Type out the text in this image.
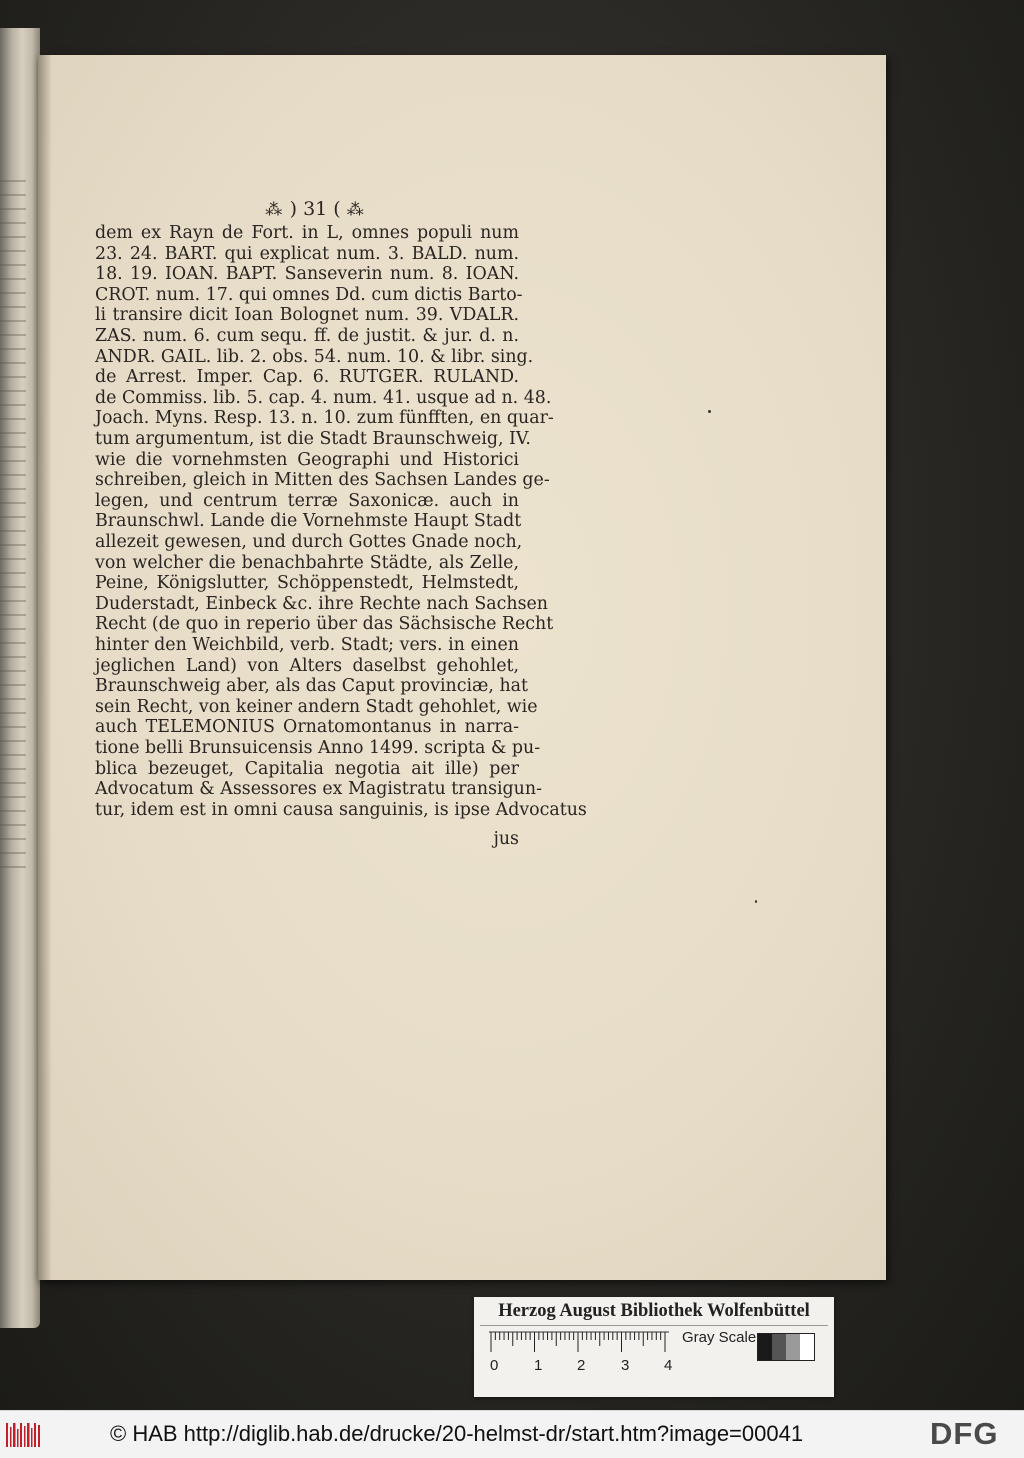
⁂ ) 31 ( ⁂
dem ex Rayn de Fort. in L, omnes populi num
23. 24. BART. qui explicat num. 3. BALD. num.
18. 19. IOAN. BAPT. Sanseverin num. 8. IOAN.
CROT. num. 17. qui omnes Dd. cum dictis Barto-
li transire dicit Ioan Bolognet num. 39. VDALR.
ZAS. num. 6. cum sequ. ff. de justit. & jur. d. n.
ANDR. GAIL. lib. 2. obs. 54. num. 10. & libr. sing.
de Arrest. Imper. Cap. 6. RUTGER. RULAND.
de Commiss. lib. 5. cap. 4. num. 41. usque ad n. 48.
Joach. Myns. Resp. 13. n. 10. zum fünfften, en quar-
tum argumentum, ist die Stadt Braunschweig, IV.
wie die vornehmsten Geographi und Historici
schreiben, gleich in Mitten des Sachsen Landes ge-
legen, und centrum terræ Saxonicæ. auch in
Braunschwl. Lande die Vornehmste Haupt Stadt
allezeit gewesen, und durch Gottes Gnade noch,
von welcher die benachbahrte Städte, als Zelle,
Peine, Königslutter, Schöppenstedt, Helmstedt,
Duderstadt, Einbeck &c. ihre Rechte nach Sachsen
Recht (de quo in reperio über das Sächsische Recht
hinter den Weichbild, verb. Stadt; vers. in einen
jeglichen Land) von Alters daselbst gehohlet,
Braunschweig aber, als das Caput provinciæ, hat
sein Recht, von keiner andern Stadt gehohlet, wie
auch TELEMONIUS Ornatomontanus in narra-
tione belli Brunsuicensis Anno 1499. scripta & pu-
blica bezeuget, Capitalia negotia ait ille) per
Advocatum & Assessores ex Magistratu transigun-
tur, idem est in omni causa sanguinis, is ipse Advocatus
jus
Herzog August Bibliothek Wolfenbüttel
0 1 2 3 4
Gray Scale
© HAB http://diglib.hab.de/drucke/20-helmst-dr/start.htm?image=00041	DFG
